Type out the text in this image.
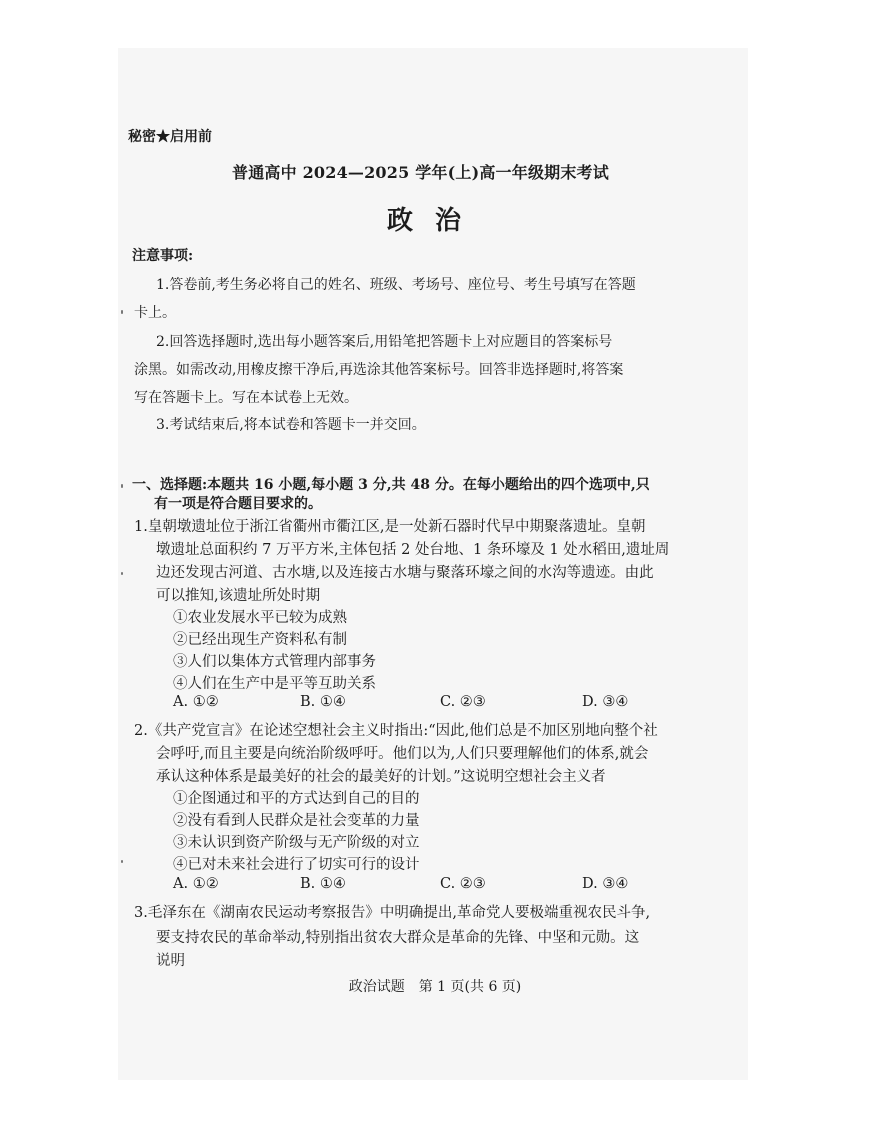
秘密★启用前
普通高中 2024—2025 学年(上)高一年级期末考试
政治
注意事项:
1.答卷前,考生务必将自己的姓名、班级、考场号、座位号、考生号填写在答题
卡上。
2.回答选择题时,选出每小题答案后,用铅笔把答题卡上对应题目的答案标号
涂黑。如需改动,用橡皮擦干净后,再选涂其他答案标号。回答非选择题时,将答案
写在答题卡上。写在本试卷上无效。
3.考试结束后,将本试卷和答题卡一并交回。
一、选择题:本题共 16 小题,每小题 3 分,共 48 分。在每小题给出的四个选项中,只
有一项是符合题目要求的。
1.皇朝墩遗址位于浙江省衢州市衢江区,是一处新石器时代早中期聚落遗址。皇朝
墩遗址总面积约 7 万平方米,主体包括 2 处台地、1 条环壕及 1 处水稻田,遗址周
边还发现古河道、古水塘,以及连接古水塘与聚落环壕之间的水沟等遗迹。由此
可以推知,该遗址所处时期
①农业发展水平已较为成熟
②已经出现生产资料私有制
③人们以集体方式管理内部事务
④人们在生产中是平等互助关系
A. ①②	B. ①④	C. ②③	D. ③④
2.《共产党宣言》在论述空想社会主义时指出:“因此,他们总是不加区别地向整个社
会呼吁,而且主要是向统治阶级呼吁。他们以为,人们只要理解他们的体系,就会
承认这种体系是最美好的社会的最美好的计划。”这说明空想社会主义者
①企图通过和平的方式达到自己的目的
②没有看到人民群众是社会变革的力量
③未认识到资产阶级与无产阶级的对立
④已对未来社会进行了切实可行的设计
A. ①②	B. ①④	C. ②③	D. ③④
3.毛泽东在《湖南农民运动考察报告》中明确提出,革命党人要极端重视农民斗争,
要支持农民的革命举动,特别指出贫农大群众是革命的先锋、中坚和元勋。这
说明
政治试题　第 1 页(共 6 页)
